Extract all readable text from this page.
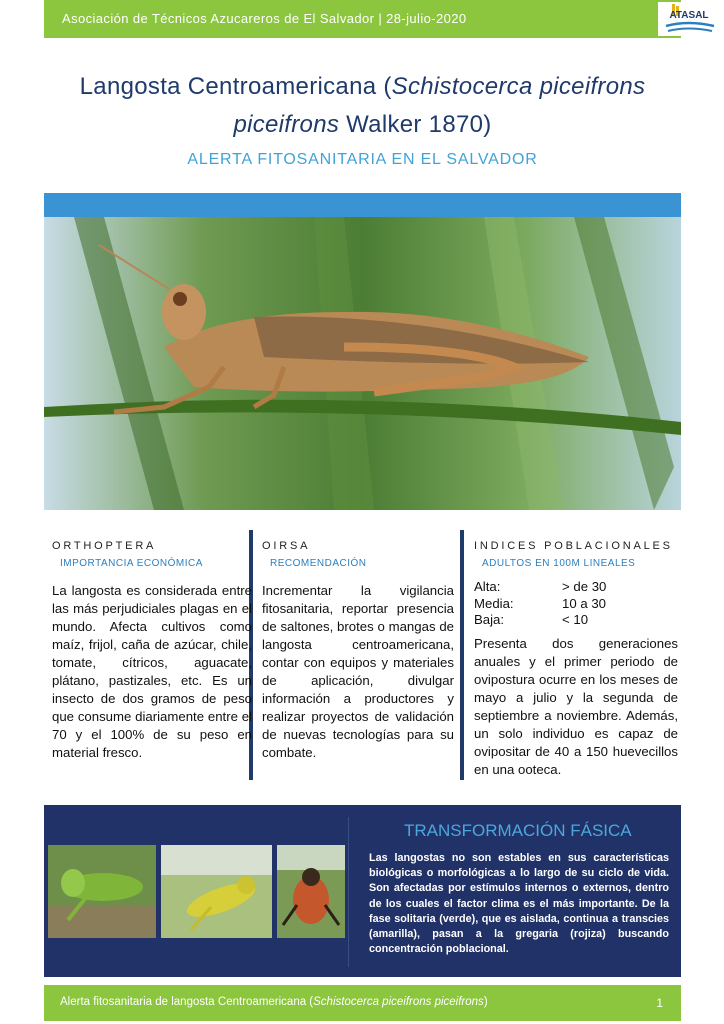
Asociación de Técnicos Azucareros de El Salvador | 28-julio-2020	ATASAL
Langosta Centroamericana (Schistocerca piceifrons piceifrons Walker 1870)
ALERTA FITOSANITARIA EN EL SALVADOR
ORTHOPTERA
IMPORTANCIA ECONÓMICA

La langosta es considerada entre las más perjudiciales plagas en el mundo. Afecta cultivos como maíz, frijol, caña de azúcar, chile, tomate, cítricos, aguacate, plátano, pastizales, etc. Es un insecto de dos gramos de peso que consume diariamente entre el 70 y el 100% de su peso en material fresco.

OIRSA
RECOMENDACIÓN

Incrementar la vigilancia fitosanitaria, reportar presencia de saltones, brotes o mangas de langosta centroamericana, contar con equipos y materiales de aplicación, divulgar información a productores y realizar proyectos de validación de nuevas tecnologías para su combate.

INDICES POBLACIONALES
ADULTOS EN 100M LINEALES
Alta:	> de 30
Media:	10 a 30
Baja:	< 10

Presenta dos generaciones anuales y el primer periodo de ovipostura ocurre en los meses de mayo a julio y la segunda de septiembre a noviembre. Además, un solo individuo es capaz de ovipositar de 40 a 150 huevecillos en una ooteca.

TRANSFORMACIÓN FÁSICA
Las langostas no son estables en sus características biológicas o morfológicas a lo largo de su ciclo de vida. Son afectadas por estímulos internos o externos, dentro de los cuales el factor clima es el más importante. De la fase solitaria (verde), que es aislada, continua a transcies (amarilla), pasan a la gregaria (rojiza) buscando concentración poblacional.
Alerta fitosanitaria de langosta Centroamericana (Schistocerca piceifrons piceifrons)	1
